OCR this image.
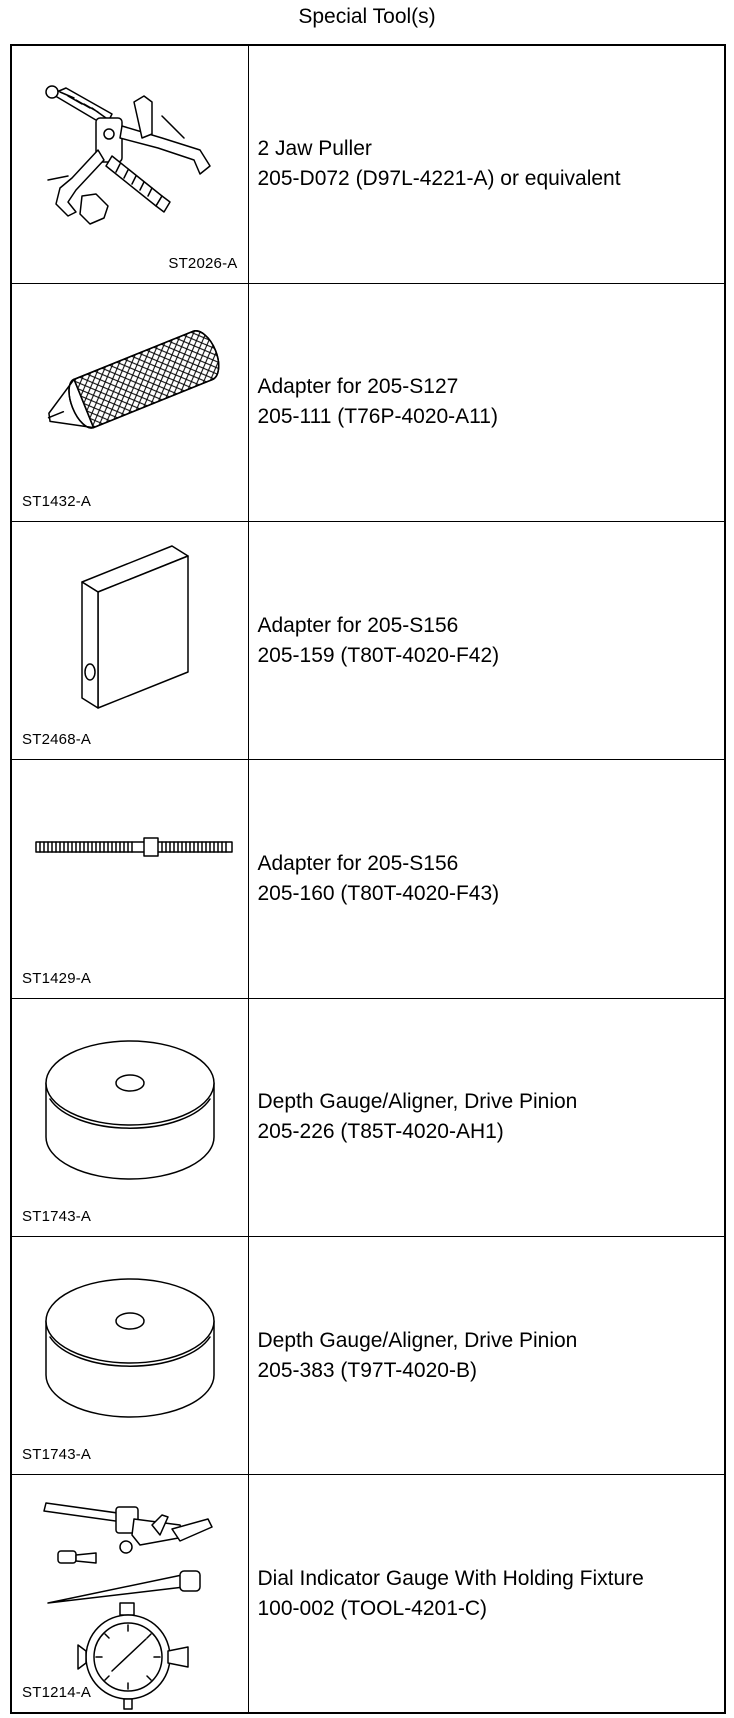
Special Tool(s)
ST2026-A	2 Jaw Puller
205-D072 (D97L-4221-A) or equivalent

ST1432-A	Adapter for 205-S127
205-111 (T76P-4020-A11)

ST2468-A	Adapter for 205-S156
205-159 (T80T-4020-F42)

ST1429-A	Adapter for 205-S156
205-160 (T80T-4020-F43)

ST1743-A	Depth Gauge/Aligner, Drive Pinion
205-226 (T85T-4020-AH1)

ST1743-A	Depth Gauge/Aligner, Drive Pinion
205-383 (T97T-4020-B)

ST1214-A	Dial Indicator Gauge With Holding Fixture
100-002 (TOOL-4201-C)
